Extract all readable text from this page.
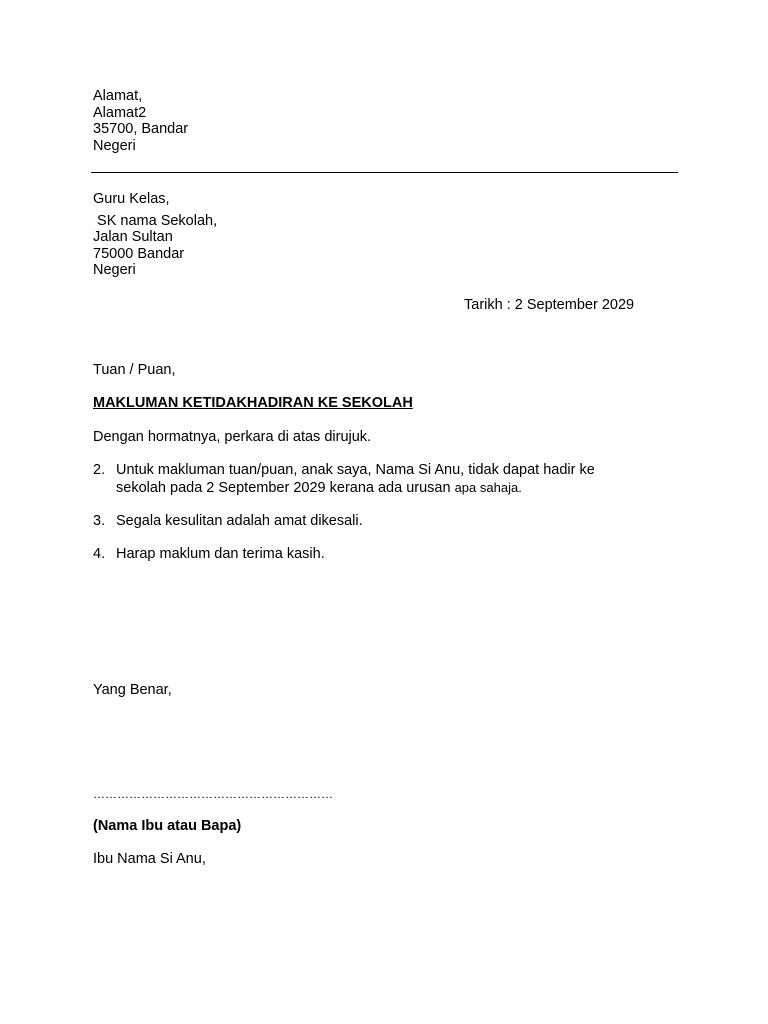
Alamat,
Alamat2
35700, Bandar
Negeri
Guru Kelas,
SK nama Sekolah,
Jalan Sultan
75000 Bandar
Negeri
Tarikh : 2 September 2029
Tuan / Puan,
MAKLUMAN KETIDAKHADIRAN KE SEKOLAH
Dengan hormatnya, perkara di atas dirujuk.
2. Untuk makluman tuan/puan, anak saya, Nama Si Anu, tidak dapat hadir ke
sekolah pada 2 September 2029 kerana ada urusan apa sahaja.
3. Segala kesulitan adalah amat dikesali.
4. Harap maklum dan terima kasih.
Yang Benar,
……………………………………………………
(Nama Ibu atau Bapa)
Ibu Nama Si Anu,
